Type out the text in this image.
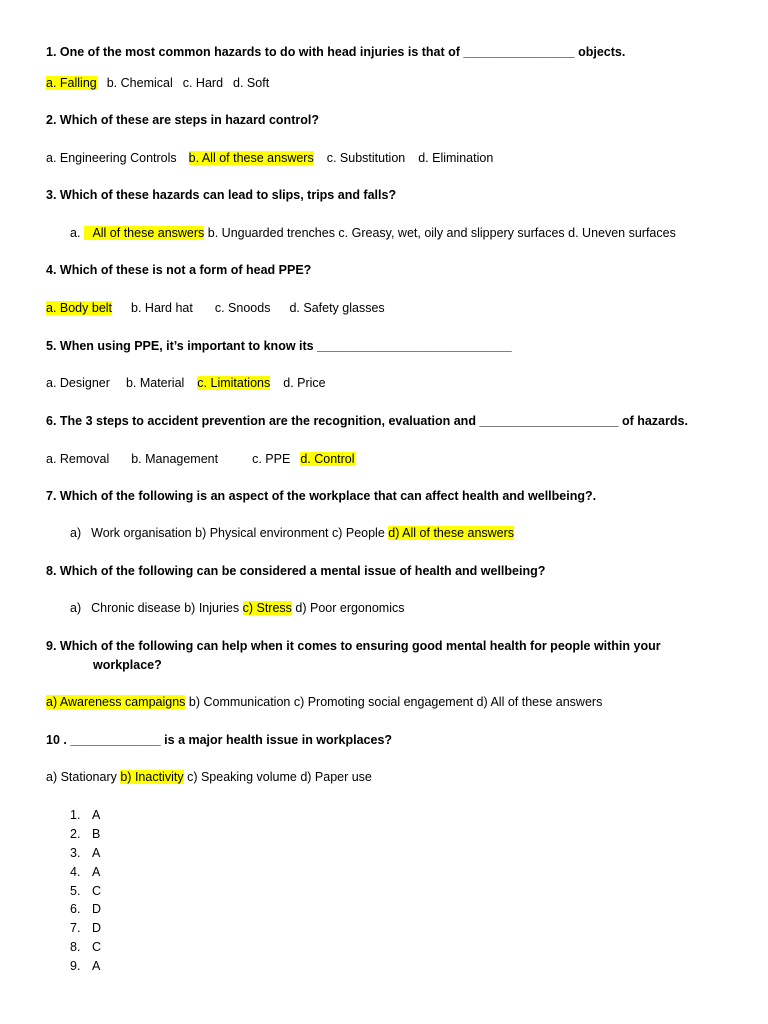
1. One of the most common hazards to do with head injuries is that of ________________ objects.
a. Falling b. Chemical c. Hard d. Soft
2. Which of these are steps in hazard control?
a. Engineering Controls b. All of these answers c. Substitution d. Elimination
3. Which of these hazards can lead to slips, trips and falls?
a. All of these answers b. Unguarded trenches c. Greasy, wet, oily and slippery surfaces d. Uneven surfaces
4. Which of these is not a form of head PPE?
a. Body belt b. Hard hat c. Snoods d. Safety glasses
5. When using PPE, it’s important to know its ____________________________
a. Designer b. Material c. Limitations d. Price
6. The 3 steps to accident prevention are the recognition, evaluation and ____________________ of hazards.
a. Removal b. Management	c. PPE d. Control
7. Which of the following is an aspect of the workplace that can affect health and wellbeing?.
a) Work organisation b) Physical environment c) People d) All of these answers
8. Which of the following can be considered a mental issue of health and wellbeing?
a) Chronic disease b) Injuries c) Stress d) Poor ergonomics
9. Which of the following can help when it comes to ensuring good mental health for people within your
workplace?
a) Awareness campaigns b) Communication c) Promoting social engagement d) All of these answers
10 . _____________ is a major health issue in workplaces?
a) Stationary b) Inactivity c) Speaking volume d) Paper use
1. A
2. B
3. A
4. A
5. C
6. D
7. D
8. C
9. A
